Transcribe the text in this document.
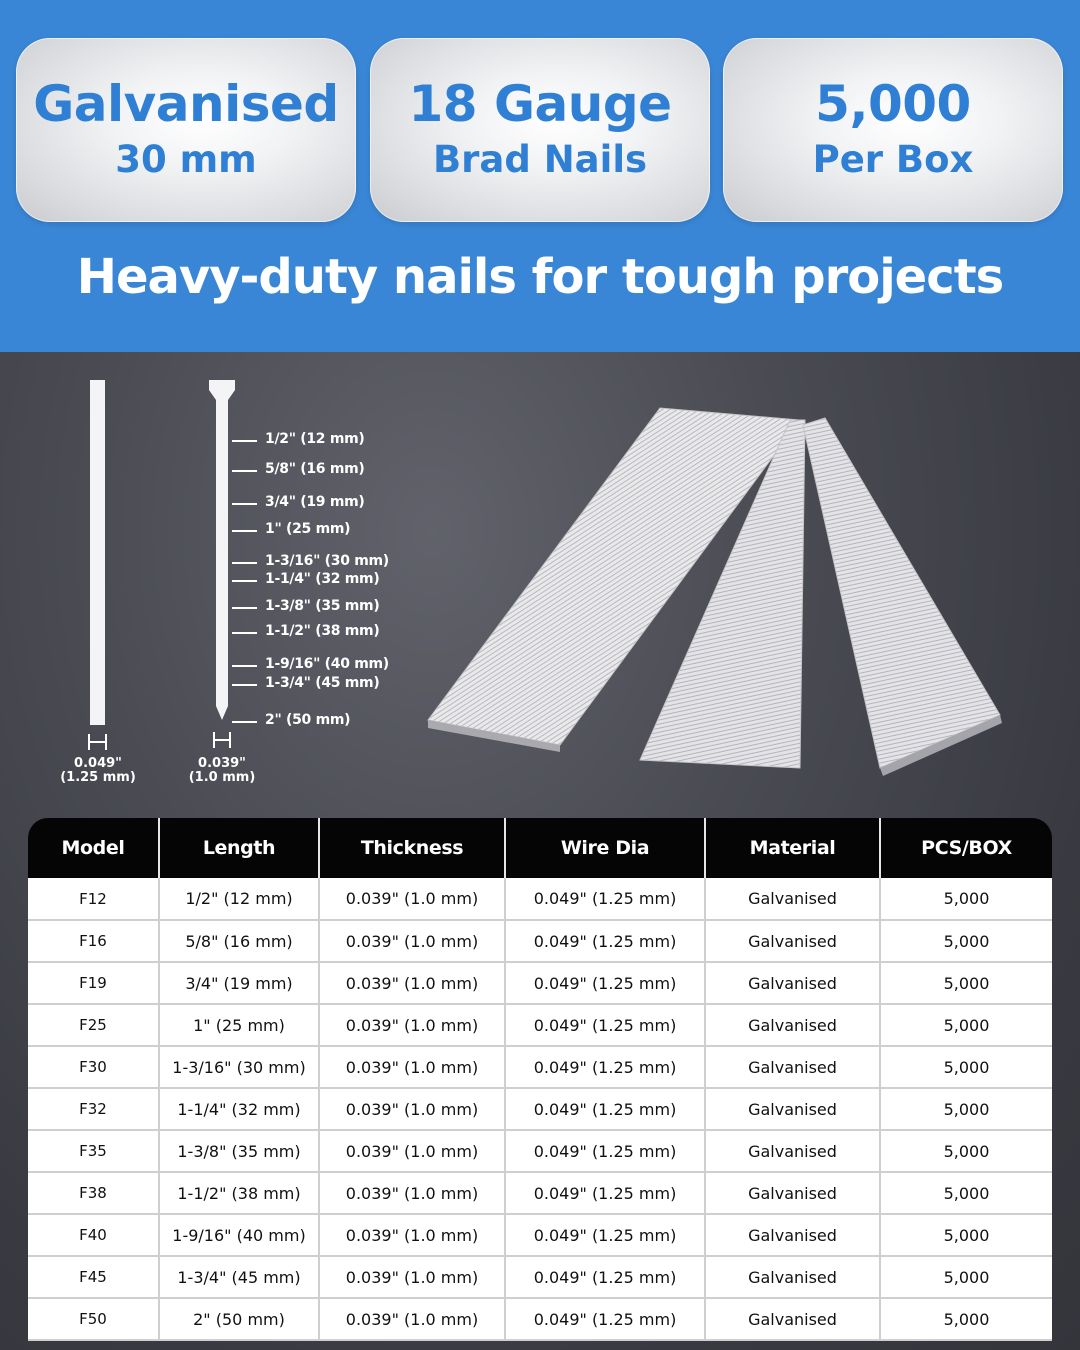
Galvanised
30 mm
18 Gauge
Brad Nails
5,000
Per Box
Heavy-duty nails for tough projects
1/2" (12 mm)
5/8" (16 mm)
3/4" (19 mm)
1" (25 mm)
1-3/16" (30 mm)
1-1/4" (32 mm)
1-3/8" (35 mm)
1-1/2" (38 mm)
1-9/16" (40 mm)
1-3/4" (45 mm)
2" (50 mm)
0.049"
(1.25 mm)
0.039"
(1.0 mm)
Model	Length	Thickness	Wire Dia	Material	PCS/BOX
F12	1/2" (12 mm)	0.039" (1.0 mm)	0.049" (1.25 mm)	Galvanised	5,000
F16	5/8" (16 mm)	0.039" (1.0 mm)	0.049" (1.25 mm)	Galvanised	5,000
F19	3/4" (19 mm)	0.039" (1.0 mm)	0.049" (1.25 mm)	Galvanised	5,000
F25	1" (25 mm)	0.039" (1.0 mm)	0.049" (1.25 mm)	Galvanised	5,000
F30	1-3/16" (30 mm)	0.039" (1.0 mm)	0.049" (1.25 mm)	Galvanised	5,000
F32	1-1/4" (32 mm)	0.039" (1.0 mm)	0.049" (1.25 mm)	Galvanised	5,000
F35	1-3/8" (35 mm)	0.039" (1.0 mm)	0.049" (1.25 mm)	Galvanised	5,000
F38	1-1/2" (38 mm)	0.039" (1.0 mm)	0.049" (1.25 mm)	Galvanised	5,000
F40	1-9/16" (40 mm)	0.039" (1.0 mm)	0.049" (1.25 mm)	Galvanised	5,000
F45	1-3/4" (45 mm)	0.039" (1.0 mm)	0.049" (1.25 mm)	Galvanised	5,000
F50	2" (50 mm)	0.039" (1.0 mm)	0.049" (1.25 mm)	Galvanised	5,000
